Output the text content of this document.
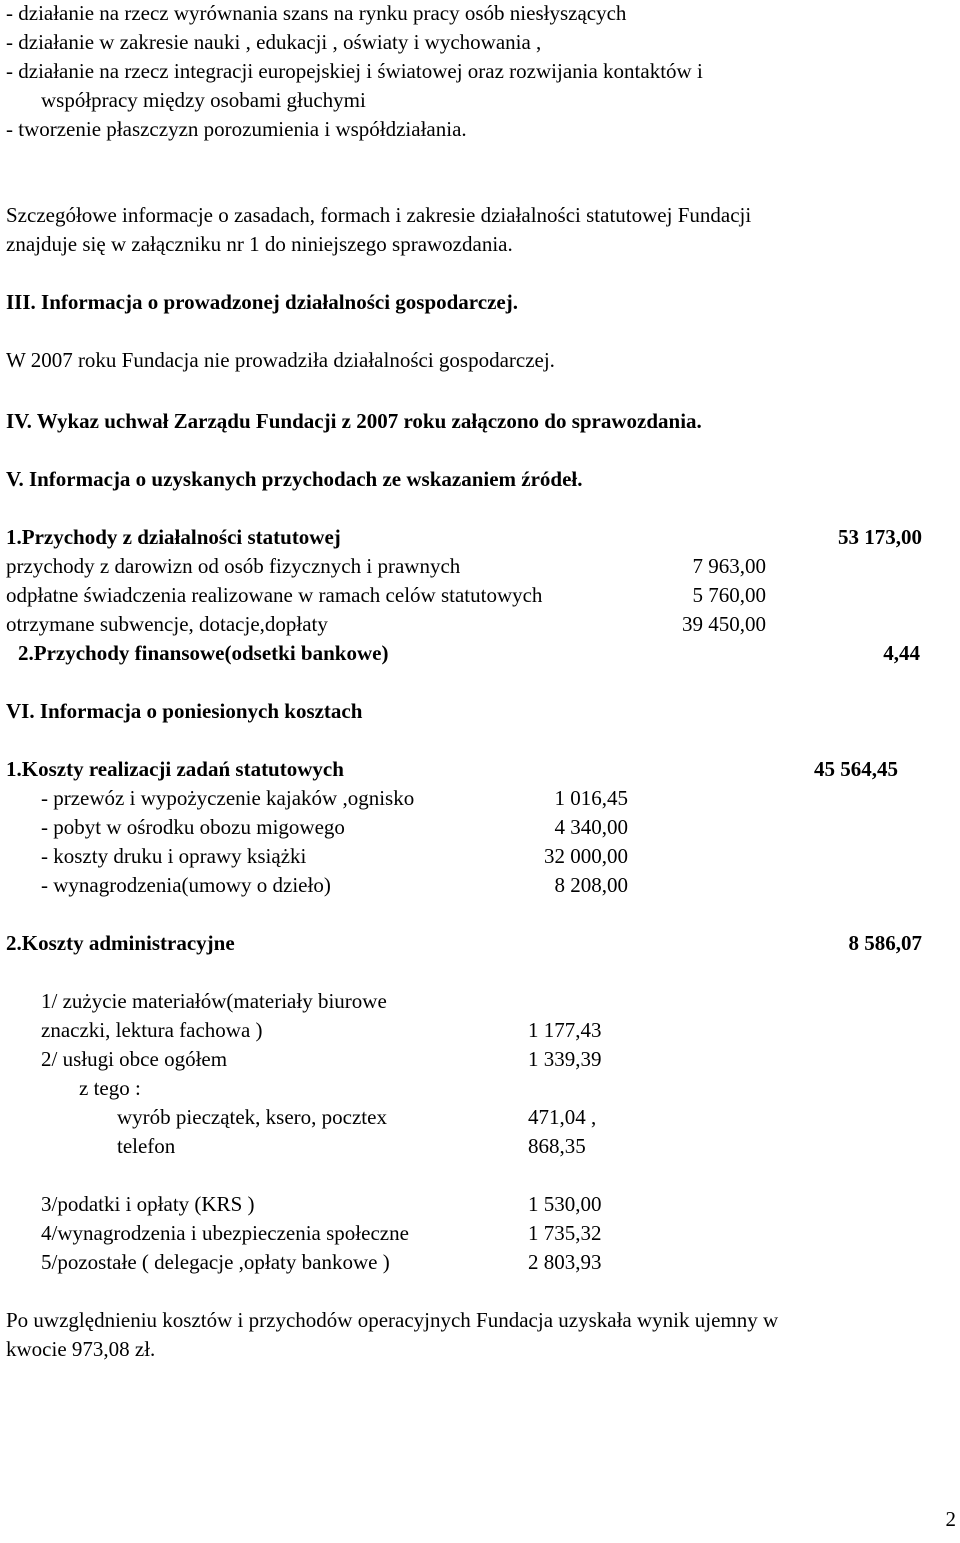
- działanie na rzecz wyrównania szans na rynku pracy osób niesłyszących
- działanie w zakresie nauki , edukacji , oświaty i wychowania ,
- działanie na rzecz integracji europejskiej i światowej oraz rozwijania kontaktów i
współpracy między osobami głuchymi
- tworzenie płaszczyzn porozumienia i współdziałania.
Szczegółowe informacje o zasadach, formach i zakresie działalności statutowej Fundacji
znajduje się w załączniku nr 1 do niniejszego sprawozdania.
III. Informacja o prowadzonej działalności gospodarczej.
W 2007 roku Fundacja nie prowadziła działalności gospodarczej.
IV. Wykaz uchwał Zarządu Fundacji z 2007 roku załączono do sprawozdania.
V. Informacja o uzyskanych przychodach ze wskazaniem źródeł.
1.Przychody z działalności statutowej	53 173,00
przychody z darowizn od osób fizycznych i prawnych	7 963,00
odpłatne świadczenia realizowane w ramach celów statutowych	5 760,00
otrzymane subwencje, dotacje,dopłaty	39 450,00
2.Przychody finansowe(odsetki bankowe)	4,44
VI. Informacja o poniesionych kosztach
1.Koszty realizacji zadań statutowych	45 564,45
- przewóz i wypożyczenie kajaków ,ognisko	1 016,45
- pobyt w ośrodku obozu migowego	4 340,00
- koszty druku i oprawy książki	32 000,00
- wynagrodzenia(umowy o dzieło)	8 208,00
2.Koszty administracyjne	8 586,07
1/ zużycie materiałów(materiały biurowe
znaczki, lektura fachowa )	1 177,43
2/ usługi obce ogółem	1 339,39
z tego :
wyrób pieczątek, ksero, pocztex	471,04 ,
telefon	868,35
3/podatki i opłaty (KRS )	1 530,00
4/wynagrodzenia i ubezpieczenia społeczne	1 735,32
5/pozostałe ( delegacje ,opłaty bankowe )	2 803,93
Po uwzględnieniu kosztów i przychodów operacyjnych Fundacja uzyskała wynik ujemny w
kwocie 973,08 zł.
2
